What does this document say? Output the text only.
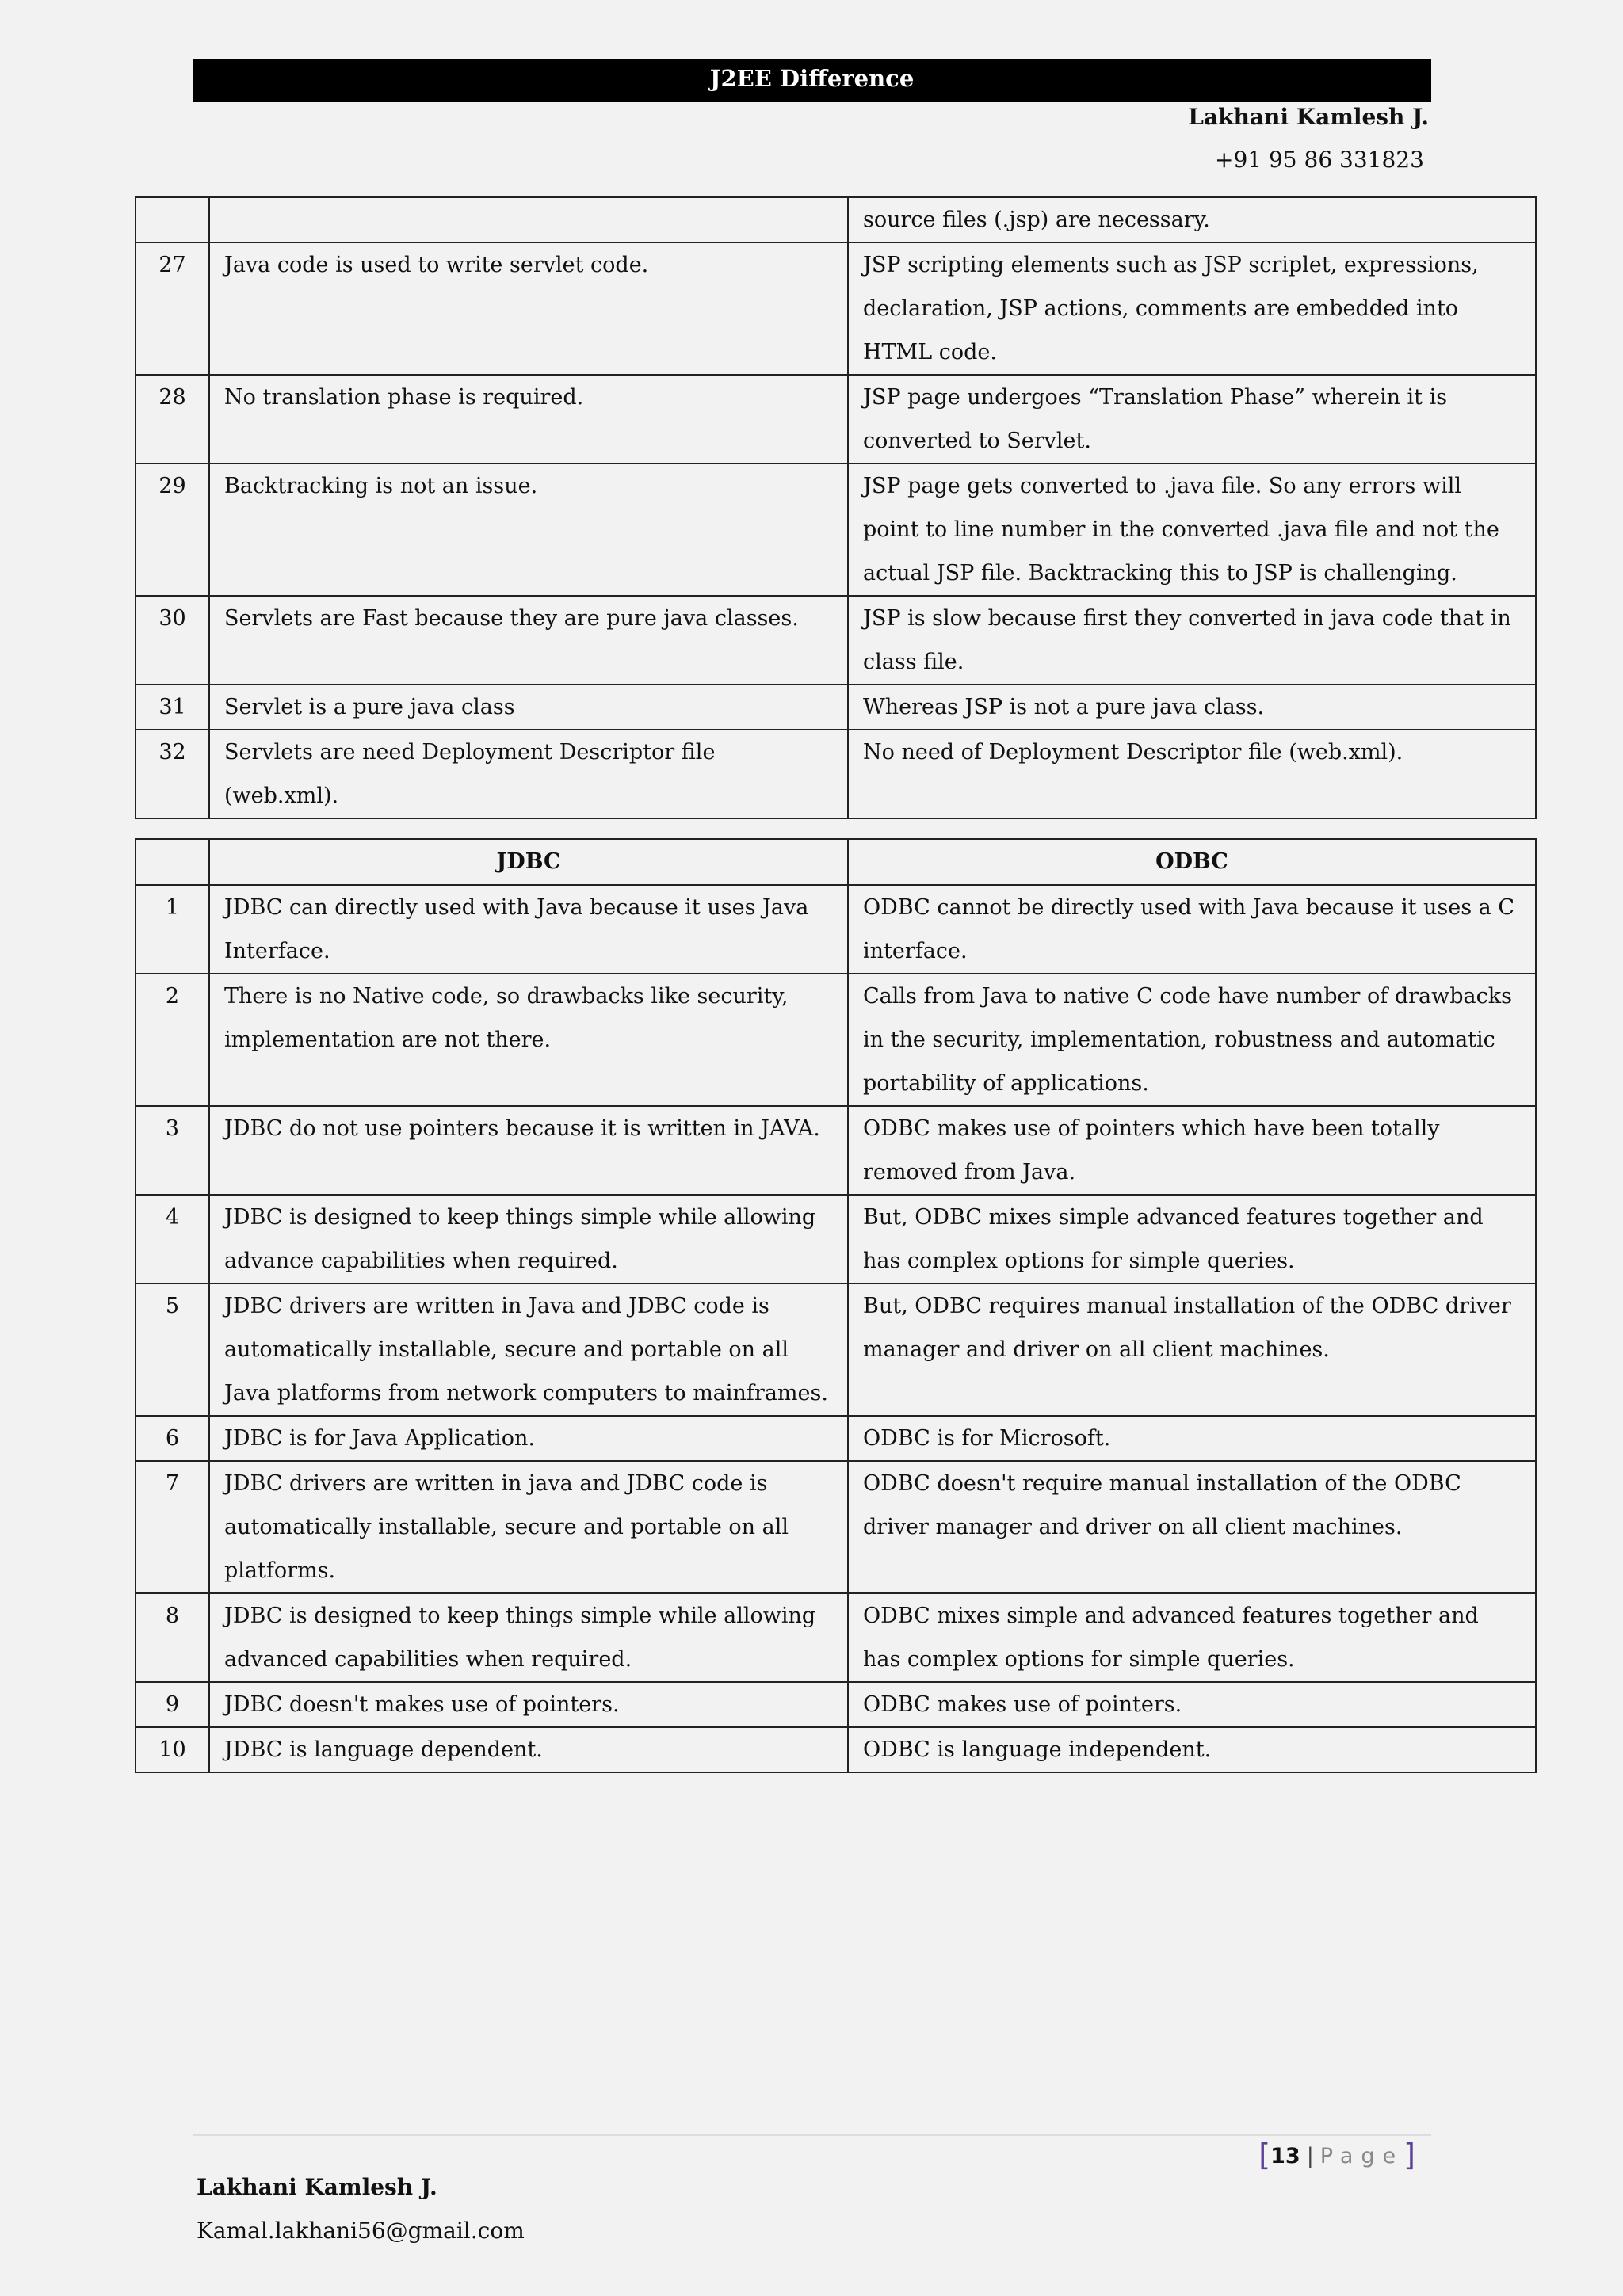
J2EE Difference
Lakhani Kamlesh J.
+91 95 86 331823
		source files (.jsp) are necessary.
27	Java code is used to write servlet code.	JSP scripting elements such as JSP scriplet, expressions, declaration, JSP actions, comments are embedded into HTML code.
28	No translation phase is required.	JSP page undergoes “Translation Phase” wherein it is converted to Servlet.
29	Backtracking is not an issue.	JSP page gets converted to .java file. So any errors will point to line number in the converted .java file and not the actual JSP file. Backtracking this to JSP is challenging.
30	Servlets are Fast because they are pure java classes.	JSP is slow because first they converted in java code that in class file.
31	Servlet is a pure java class	Whereas JSP is not a pure java class.
32	Servlets are need Deployment Descriptor file (web.xml).	No need of Deployment Descriptor file (web.xml).
	JDBC	ODBC
1	JDBC can directly used with Java because it uses Java Interface.	ODBC cannot be directly used with Java because it uses a C interface.
2	There is no Native code, so drawbacks like security, implementation are not there.	Calls from Java to native C code have number of drawbacks in the security, implementation, robustness and automatic portability of applications.
3	JDBC do not use pointers because it is written in JAVA.	ODBC makes use of pointers which have been totally removed from Java.
4	JDBC is designed to keep things simple while allowing advance capabilities when required.	But, ODBC mixes simple advanced features together and has complex options for simple queries.
5	JDBC drivers are written in Java and JDBC code is automatically installable, secure and portable on all Java platforms from network computers to mainframes.	But, ODBC requires manual installation of the ODBC driver manager and driver on all client machines.
6	JDBC is for Java Application.	ODBC is for Microsoft.
7	JDBC drivers are written in java and JDBC code is automatically installable, secure and portable on all platforms.	ODBC doesn't require manual installation of the ODBC driver manager and driver on all client machines.
8	JDBC is designed to keep things simple while allowing advanced capabilities when required.	ODBC mixes simple and advanced features together and has complex options for simple queries.
9	JDBC doesn't makes use of pointers.	ODBC makes use of pointers.
10	JDBC is language dependent.	ODBC is language independent.
[13 | Page]
Lakhani Kamlesh J.
Kamal.lakhani56@gmail.com
